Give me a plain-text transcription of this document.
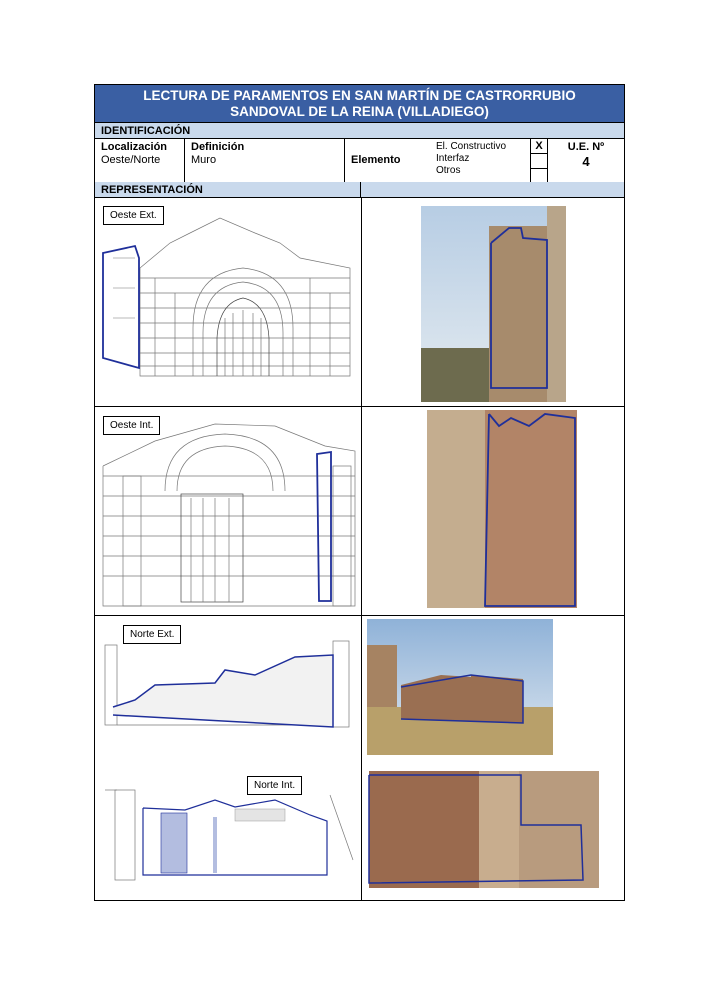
LECTURA DE PARAMENTOS EN SAN MARTÍN DE CASTRORRUBIO
SANDOVAL DE LA REINA (VILLADIEGO)
IDENTIFICACIÓN
Localización
Oeste/Norte
Definición
Muro	Elemento
El. Constructivo
Interfaz
Otros
X	U.E. Nº
4
REPRESENTACIÓN
Oeste Ext.
Oeste Int.
Norte Ext.
Norte Int.
